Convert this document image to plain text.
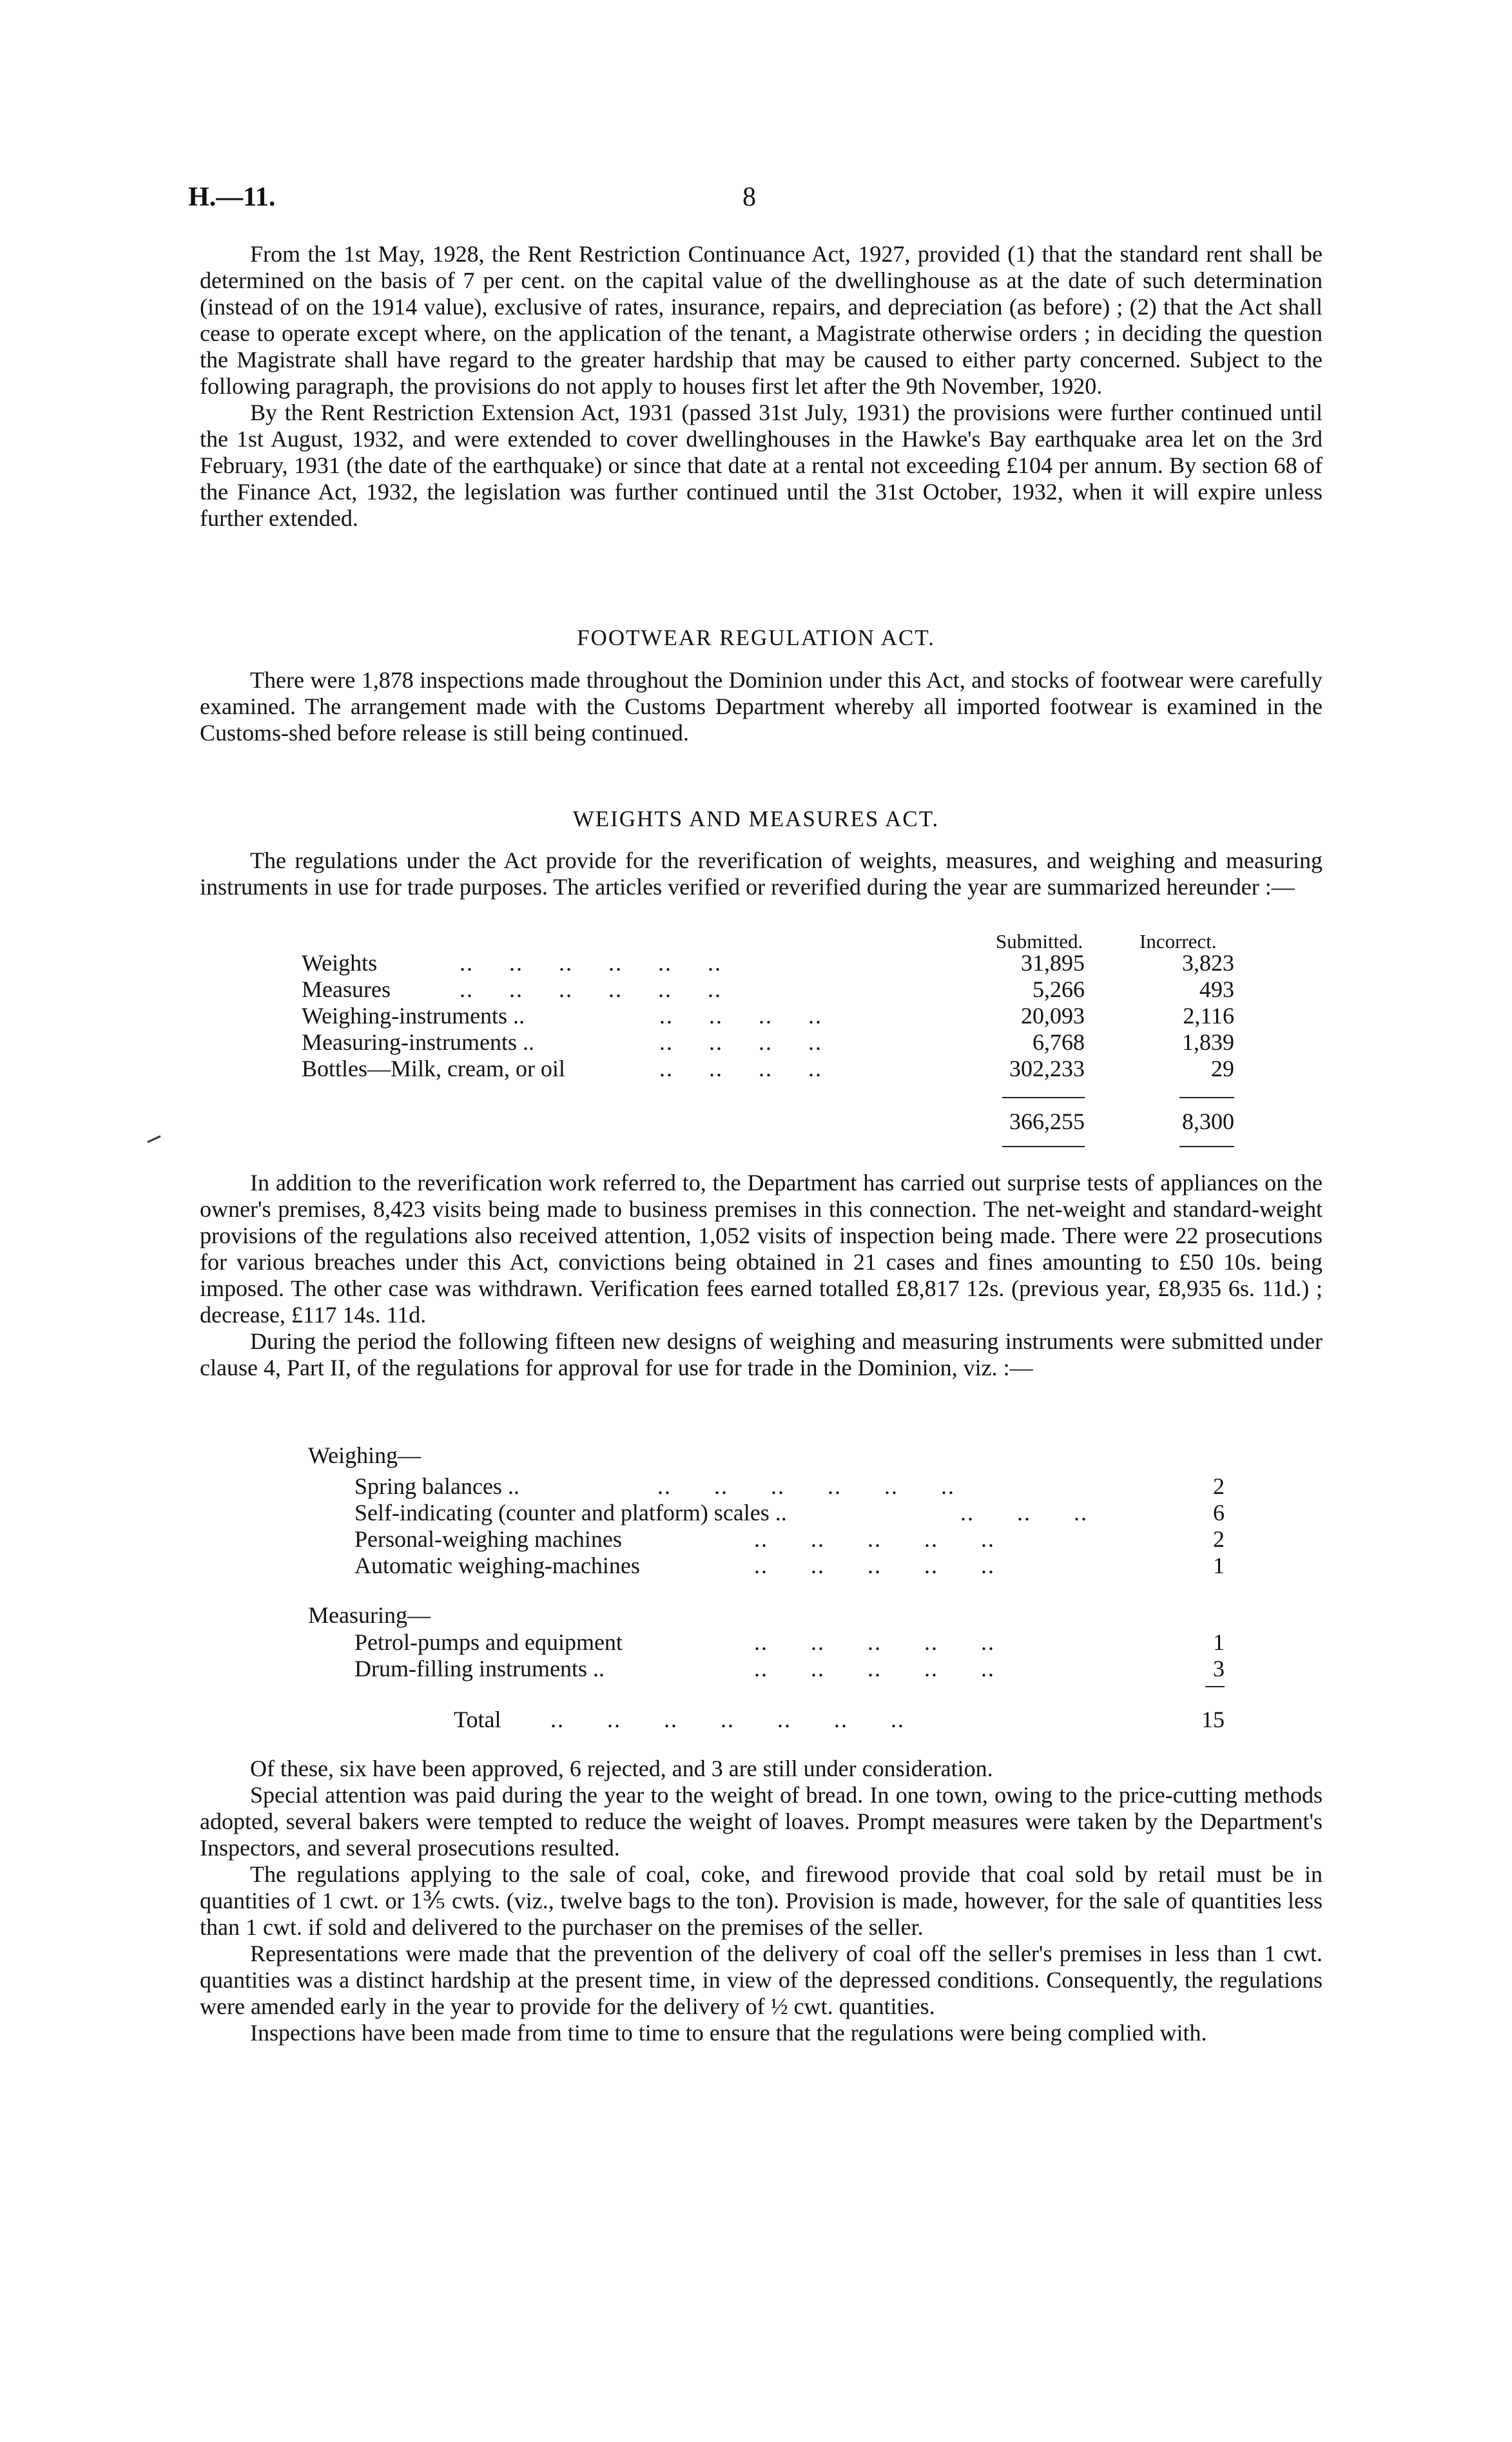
H.—11.	8

From the 1st May, 1928, the Rent Restriction Continuance Act, 1927, provided (1) that the standard rent shall be determined on the basis of 7 per cent. on the capital value of the dwellinghouse as at the date of such determination (instead of on the 1914 value), exclusive of rates, insurance, repairs, and depreciation (as before) ; (2) that the Act shall cease to operate except where, on the application of the tenant, a Magistrate otherwise orders ; in deciding the question the Magistrate shall have regard to the greater hardship that may be caused to either party concerned. Subject to the following paragraph, the provisions do not apply to houses first let after the 9th November, 1920.

By the Rent Restriction Extension Act, 1931 (passed 31st July, 1931) the provisions were further continued until the 1st August, 1932, and were extended to cover dwellinghouses in the Hawke's Bay earthquake area let on the 3rd February, 1931 (the date of the earthquake) or since that date at a rental not exceeding £104 per annum. By section 68 of the Finance Act, 1932, the legislation was further continued until the 31st October, 1932, when it will expire unless further extended.

FOOTWEAR REGULATION ACT.

There were 1,878 inspections made throughout the Dominion under this Act, and stocks of footwear were carefully examined. The arrangement made with the Customs Department whereby all imported footwear is examined in the Customs-shed before release is still being continued.

WEIGHTS AND MEASURES ACT.

The regulations under the Act provide for the reverification of weights, measures, and weighing and measuring instruments in use for trade purposes. The articles verified or reverified during the year are summarized hereunder :—

Submitted.	Incorrect.
Weights	..     ..     ..     ..     ..     ..	31,895	3,823
Measures	..     ..     ..     ..     ..     ..	5,266	493
Weighing-instruments ..	..     ..     ..     ..	20,093	2,116
Measuring-instruments ..	..     ..     ..     ..	6,768	1,839
Bottles—Milk, cream, or oil	..     ..     ..     ..	302,233	29
366,255	8,300

In addition to the reverification work referred to, the Department has carried out surprise tests of appliances on the owner's premises, 8,423 visits being made to business premises in this connection. The net-weight and standard-weight provisions of the regulations also received attention, 1,052 visits of inspection being made. There were 22 prosecutions for various breaches under this Act, convictions being obtained in 21 cases and fines amounting to £50 10s. being imposed. The other case was withdrawn. Verification fees earned totalled £8,817 12s. (previous year, £8,935 6s. 11d.) ; decrease, £117 14s. 11d.

During the period the following fifteen new designs of weighing and measuring instruments were submitted under clause 4, Part II, of the regulations for approval for use for trade in the Dominion, viz. :—

Weighing—
Spring balances ..	..      ..      ..      ..      ..      ..	2
Self-indicating (counter and platform) scales ..	..      ..      ..	6
Personal-weighing machines	..      ..      ..      ..      ..	2
Automatic weighing-machines	..      ..      ..      ..      ..	1
Measuring—
Petrol-pumps and equipment	..      ..      ..      ..      ..	1
Drum-filling instruments ..	..      ..      ..      ..      ..	3
Total ..      ..      ..      ..      ..      ..      ..	15

Of these, six have been approved, 6 rejected, and 3 are still under consideration.

Special attention was paid during the year to the weight of bread. In one town, owing to the price-cutting methods adopted, several bakers were tempted to reduce the weight of loaves. Prompt measures were taken by the Department's Inspectors, and several prosecutions resulted.

The regulations applying to the sale of coal, coke, and firewood provide that coal sold by retail must be in quantities of 1 cwt. or 1⅗ cwts. (viz., twelve bags to the ton). Provision is made, however, for the sale of quantities less than 1 cwt. if sold and delivered to the purchaser on the premises of the seller.

Representations were made that the prevention of the delivery of coal off the seller's premises in less than 1 cwt. quantities was a distinct hardship at the present time, in view of the depressed conditions. Consequently, the regulations were amended early in the year to provide for the delivery of ½ cwt. quantities.

Inspections have been made from time to time to ensure that the regulations were being complied with.
